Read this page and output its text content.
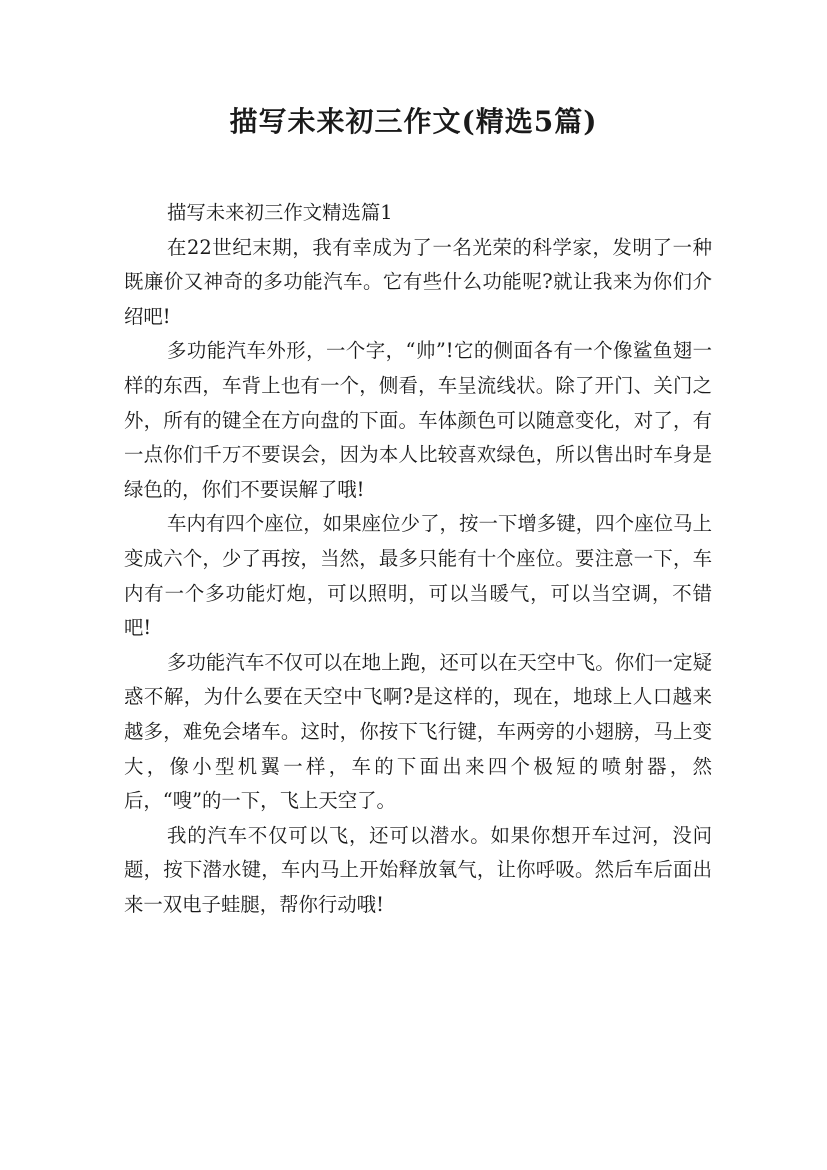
描写未来初三作文(精选5篇)

描写未来初三作文精选篇1

在22世纪末期，我有幸成为了一名光荣的科学家，发明了一种既廉价又神奇的多功能汽车。它有些什么功能呢?就让我来为你们介绍吧!

多功能汽车外形，一个字，“帅”!它的侧面各有一个像鲨鱼翅一样的东西，车背上也有一个，侧看，车呈流线状。除了开门、关门之外，所有的键全在方向盘的下面。车体颜色可以随意变化，对了，有一点你们千万不要误会，因为本人比较喜欢绿色，所以售出时车身是绿色的，你们不要误解了哦!

车内有四个座位，如果座位少了，按一下增多键，四个座位马上变成六个，少了再按，当然，最多只能有十个座位。要注意一下，车内有一个多功能灯炮，可以照明，可以当暖气，可以当空调，不错吧!

多功能汽车不仅可以在地上跑，还可以在天空中飞。你们一定疑惑不解，为什么要在天空中飞啊?是这样的，现在，地球上人口越来越多，难免会堵车。这时，你按下飞行键，车两旁的小翅膀，马上变大，像小型机翼一样，车的下面出来四个极短的喷射器，然后，“嗖”的一下，飞上天空了。

我的汽车不仅可以飞，还可以潜水。如果你想开车过河，没问题，按下潜水键，车内马上开始释放氧气，让你呼吸。然后车后面出来一双电子蛙腿，帮你行动哦!
